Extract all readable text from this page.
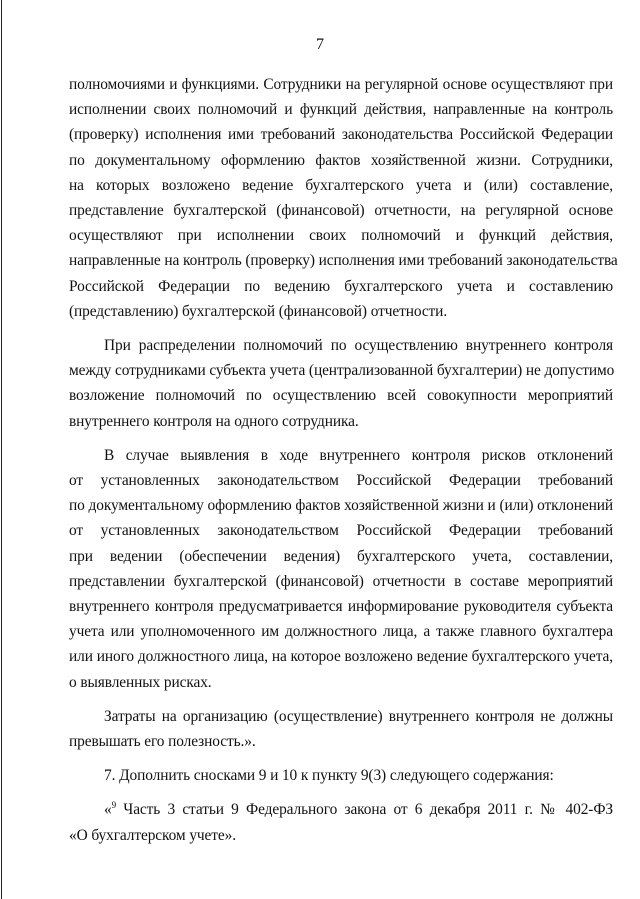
7
полномочиями и функциями. Сотрудники на регулярной основе осуществляют при
исполнении своих полномочий и функций действия, направленные на контроль
(проверку) исполнения ими требований законодательства Российской Федерации
по документальному оформлению фактов хозяйственной жизни. Сотрудники,
на которых возложено ведение бухгалтерского учета и (или) составление,
представление бухгалтерской (финансовой) отчетности, на регулярной основе
осуществляют при исполнении своих полномочий и функций действия,
направленные на контроль (проверку) исполнения ими требований законодательства
Российской Федерации по ведению бухгалтерского учета и составлению
(представлению) бухгалтерской (финансовой) отчетности.
При распределении полномочий по осуществлению внутреннего контроля
между сотрудниками субъекта учета (централизованной бухгалтерии) не допустимо
возложение полномочий по осуществлению всей совокупности мероприятий
внутреннего контроля на одного сотрудника.
В случае выявления в ходе внутреннего контроля рисков отклонений
от установленных законодательством Российской Федерации требований
по документальному оформлению фактов хозяйственной жизни и (или) отклонений
от установленных законодательством Российской Федерации требований
при ведении (обеспечении ведения) бухгалтерского учета, составлении,
представлении бухгалтерской (финансовой) отчетности в составе мероприятий
внутреннего контроля предусматривается информирование руководителя субъекта
учета или уполномоченного им должностного лица, а также главного бухгалтера
или иного должностного лица, на которое возложено ведение бухгалтерского учета,
о выявленных рисках.
Затраты на организацию (осуществление) внутреннего контроля не должны
превышать его полезность.».
7. Дополнить сносками 9 и 10 к пункту 9(3) следующего содержания:
«$^9$ Часть 3 статьи 9 Федерального закона от 6 декабря 2011 г. № 402-ФЗ
«О бухгалтерском учете».
